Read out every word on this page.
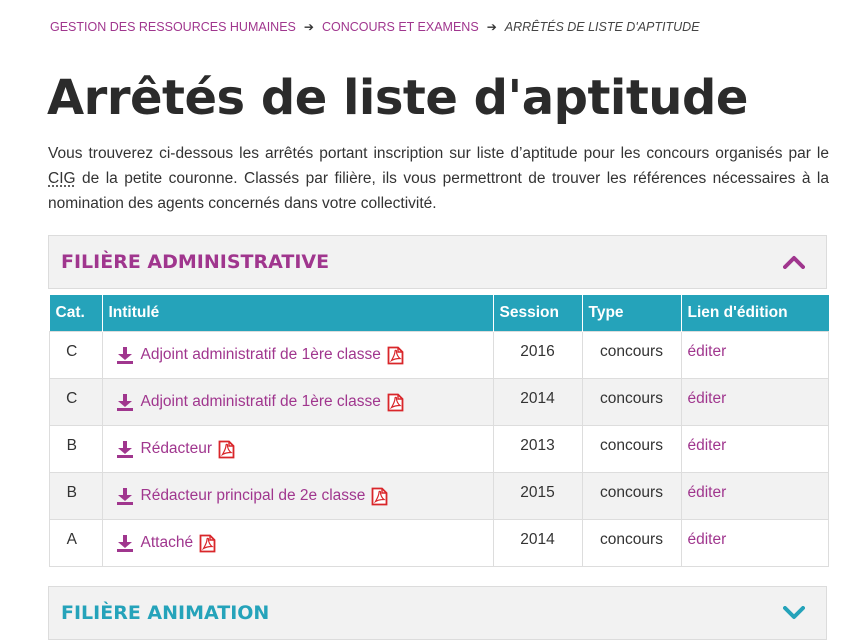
GESTION DES RESSOURCES HUMAINES ➔ CONCOURS ET EXAMENS ➔ ARRÊTÉS DE LISTE D'APTITUDE
Arrêtés de liste d'aptitude

Vous trouverez ci-dessous les arrêtés portant inscription sur liste d’aptitude pour les concours organisés par le CIG de la petite couronne. Classés par filière, ils vous permettront de trouver les références nécessaires à la nomination des agents concernés dans votre collectivité.

FILIÈRE ADMINISTRATIVE
Cat.	Intitulé	Session	Type	Lien d'édition
C	Adjoint administratif de 1ère classe	2016	concours	éditer
C	Adjoint administratif de 1ère classe	2014	concours	éditer
B	Rédacteur	2013	concours	éditer
B	Rédacteur principal de 2e classe	2015	concours	éditer
A	Attaché	2014	concours	éditer
FILIÈRE ANIMATION
